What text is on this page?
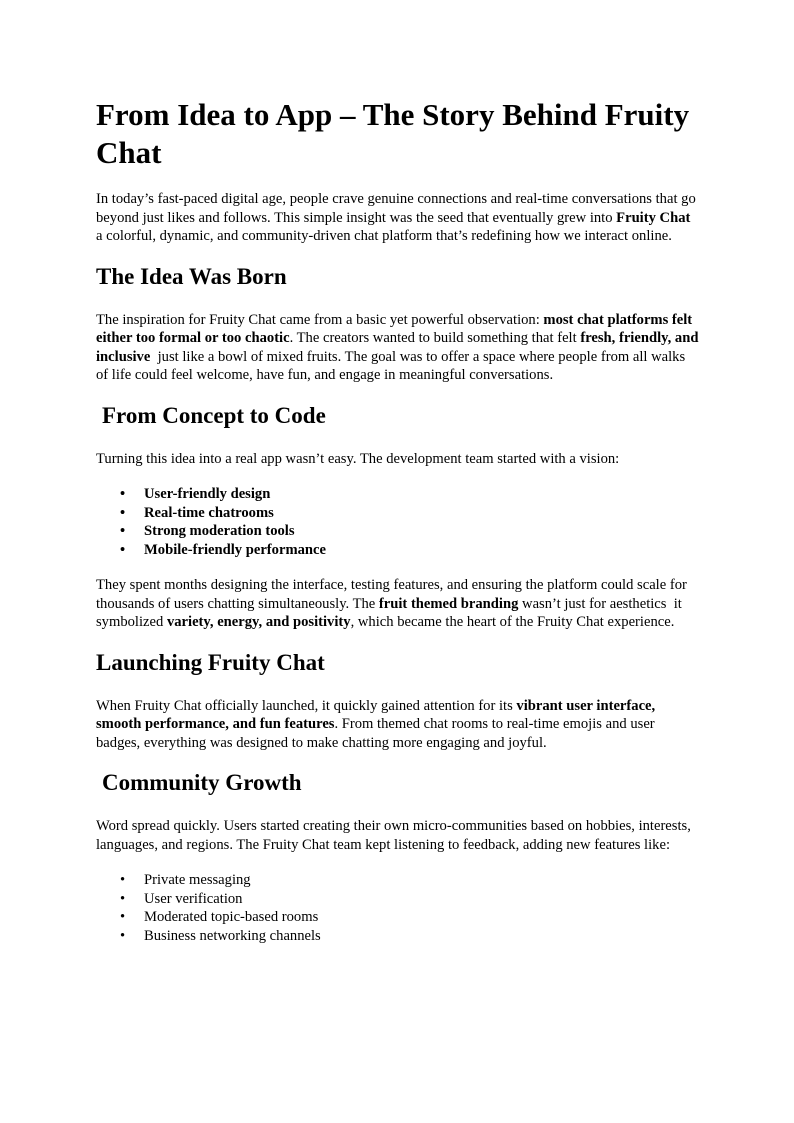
From Idea to App – The Story Behind Fruity Chat

In today’s fast-paced digital age, people crave genuine connections and real-time conversations that go beyond just likes and follows. This simple insight was the seed that eventually grew into Fruity Chat  a colorful, dynamic, and community-driven chat platform that’s redefining how we interact online.

The Idea Was Born

The inspiration for Fruity Chat came from a basic yet powerful observation: most chat platforms felt either too formal or too chaotic. The creators wanted to build something that felt fresh, friendly, and inclusive  just like a bowl of mixed fruits. The goal was to offer a space where people from all walks of life could feel welcome, have fun, and engage in meaningful conversations.

From Concept to Code

Turning this idea into a real app wasn’t easy. The development team started with a vision:

• User-friendly design
• Real-time chatrooms
• Strong moderation tools
• Mobile-friendly performance

They spent months designing the interface, testing features, and ensuring the platform could scale for thousands of users chatting simultaneously. The fruit themed branding wasn’t just for aesthetics  it symbolized variety, energy, and positivity, which became the heart of the Fruity Chat experience.

Launching Fruity Chat

When Fruity Chat officially launched, it quickly gained attention for its vibrant user interface, smooth performance, and fun features. From themed chat rooms to real-time emojis and user badges, everything was designed to make chatting more engaging and joyful.

Community Growth

Word spread quickly. Users started creating their own micro-communities based on hobbies, interests, languages, and regions. The Fruity Chat team kept listening to feedback, adding new features like:

• Private messaging
• User verification
• Moderated topic-based rooms
• Business networking channels
